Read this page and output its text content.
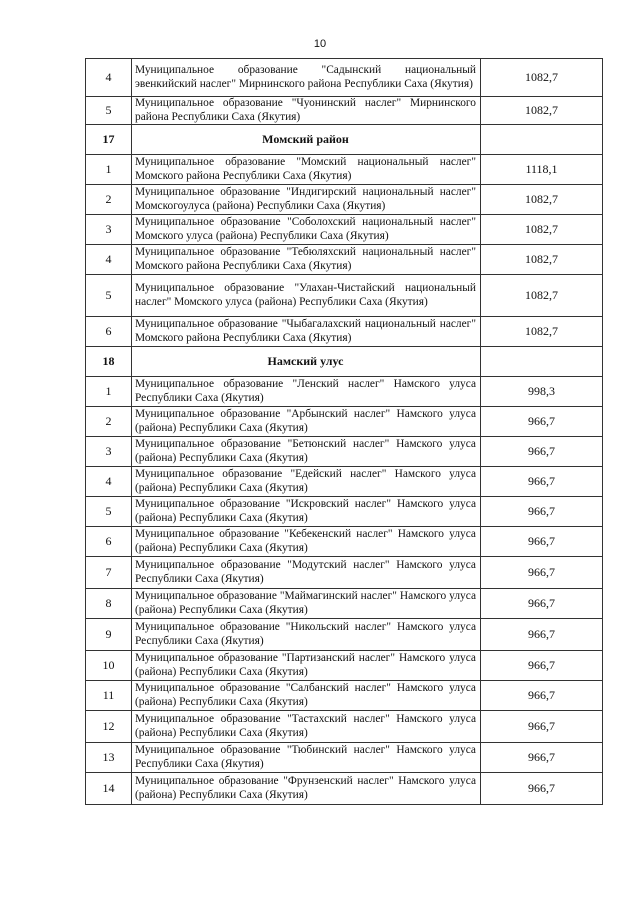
10
4	Муниципальное образование "Садынский национальный эвенкийский наслег" Мирнинского района Республики Саха (Якутия)	1082,7
5	Муниципальное образование "Чуонинский наслег" Мирнинского района Республики Саха (Якутия)	1082,7
17	Момский район	
1	Муниципальное образование "Момский национальный наслег" Момского района Республики Саха (Якутия)	1118,1
2	Муниципальное образование "Индигирский национальный наслег" Момскогоулуса (района) Республики Саха (Якутия)	1082,7
3	Муниципальное образование "Соболохский национальный наслег" Момского улуса (района) Республики Саха (Якутия)	1082,7
4	Муниципальное образование "Тебюляхский национальный наслег" Момского района Республики Саха (Якутия)	1082,7
5	Муниципальное образование "Улахан-Чистайский национальный наслег" Момского улуса (района) Республики Саха (Якутия)	1082,7
6	Муниципальное образование "Чыбагалахский национальный наслег" Момского района Республики Саха (Якутия)	1082,7
18	Намский улус	
1	Муниципальное образование "Ленский наслег" Намского улуса Республики Саха (Якутия)	998,3
2	Муниципальное образование "Арбынский наслег" Намского улуса (района) Республики Саха (Якутия)	966,7
3	Муниципальное образование "Бетюнский наслег" Намского улуса (района) Республики Саха (Якутия)	966,7
4	Муниципальное образование "Едейский наслег" Намского улуса (района) Республики Саха (Якутия)	966,7
5	Муниципальное образование "Искровский наслег" Намского улуса (района) Республики Саха (Якутия)	966,7
6	Муниципальное образование "Кебекенский наслег" Намского улуса (района) Республики Саха (Якутия)	966,7
7	Муниципальное образование "Модутский наслег" Намского улуса Республики Саха (Якутия)	966,7
8	Муниципальное образование "Маймагинский наслег" Намского улуса (района) Республики Саха (Якутия)	966,7
9	Муниципальное образование "Никольский наслег" Намского улуса Республики Саха (Якутия)	966,7
10	Муниципальное образование "Партизанский наслег" Намского улуса (района) Республики Саха (Якутия)	966,7
11	Муниципальное образование "Салбанский наслег" Намского улуса (района) Республики Саха (Якутия)	966,7
12	Муниципальное образование "Тастахский наслег" Намского улуса (района) Республики Саха (Якутия)	966,7
13	Муниципальное образование "Тюбинский наслег" Намского улуса Республики Саха (Якутия)	966,7
14	Муниципальное образование "Фрунзенский наслег" Намского улуса (района) Республики Саха (Якутия)	966,7
